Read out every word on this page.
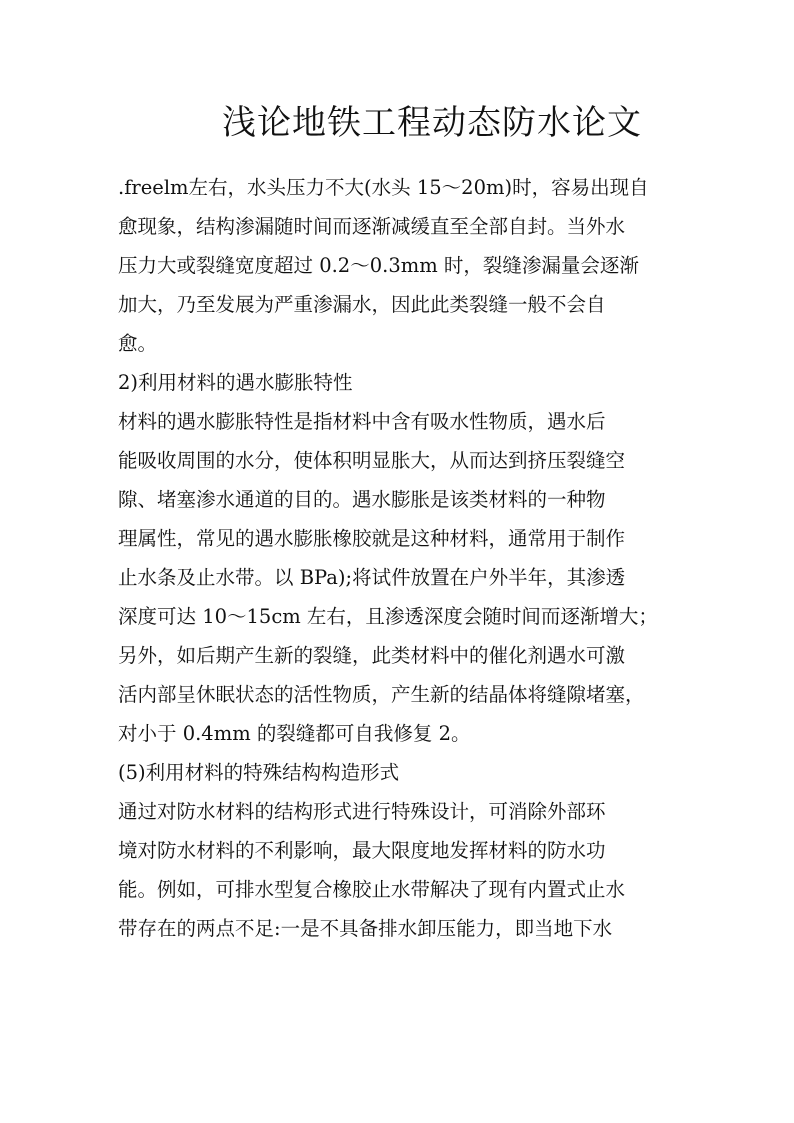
浅论地铁工程动态防水论文
.freelm左右，水头压力不大(水头 15～20m)时，容易出现自
愈现象，结构渗漏随时间而逐渐减缓直至全部自封。当外水
压力大或裂缝宽度超过 0.2～0.3mm 时，裂缝渗漏量会逐渐
加大，乃至发展为严重渗漏水，因此此类裂缝一般不会自
愈。
2)利用材料的遇水膨胀特性
材料的遇水膨胀特性是指材料中含有吸水性物质，遇水后
能吸收周围的水分，使体积明显胀大，从而达到挤压裂缝空
隙、堵塞渗水通道的目的。遇水膨胀是该类材料的一种物
理属性，常见的遇水膨胀橡胶就是这种材料，通常用于制作
止水条及止水带。以 BPa);将试件放置在户外半年，其渗透
深度可达 10～15cm 左右，且渗透深度会随时间而逐渐增大；
另外，如后期产生新的裂缝，此类材料中的催化剂遇水可激
活内部呈休眠状态的活性物质，产生新的结晶体将缝隙堵塞，
对小于 0.4mm 的裂缝都可自我修复 2。
(5)利用材料的特殊结构构造形式
通过对防水材料的结构形式进行特殊设计，可消除外部环
境对防水材料的不利影响，最大限度地发挥材料的防水功
能。例如，可排水型复合橡胶止水带解决了现有内置式止水
带存在的两点不足:一是不具备排水卸压能力，即当地下水
